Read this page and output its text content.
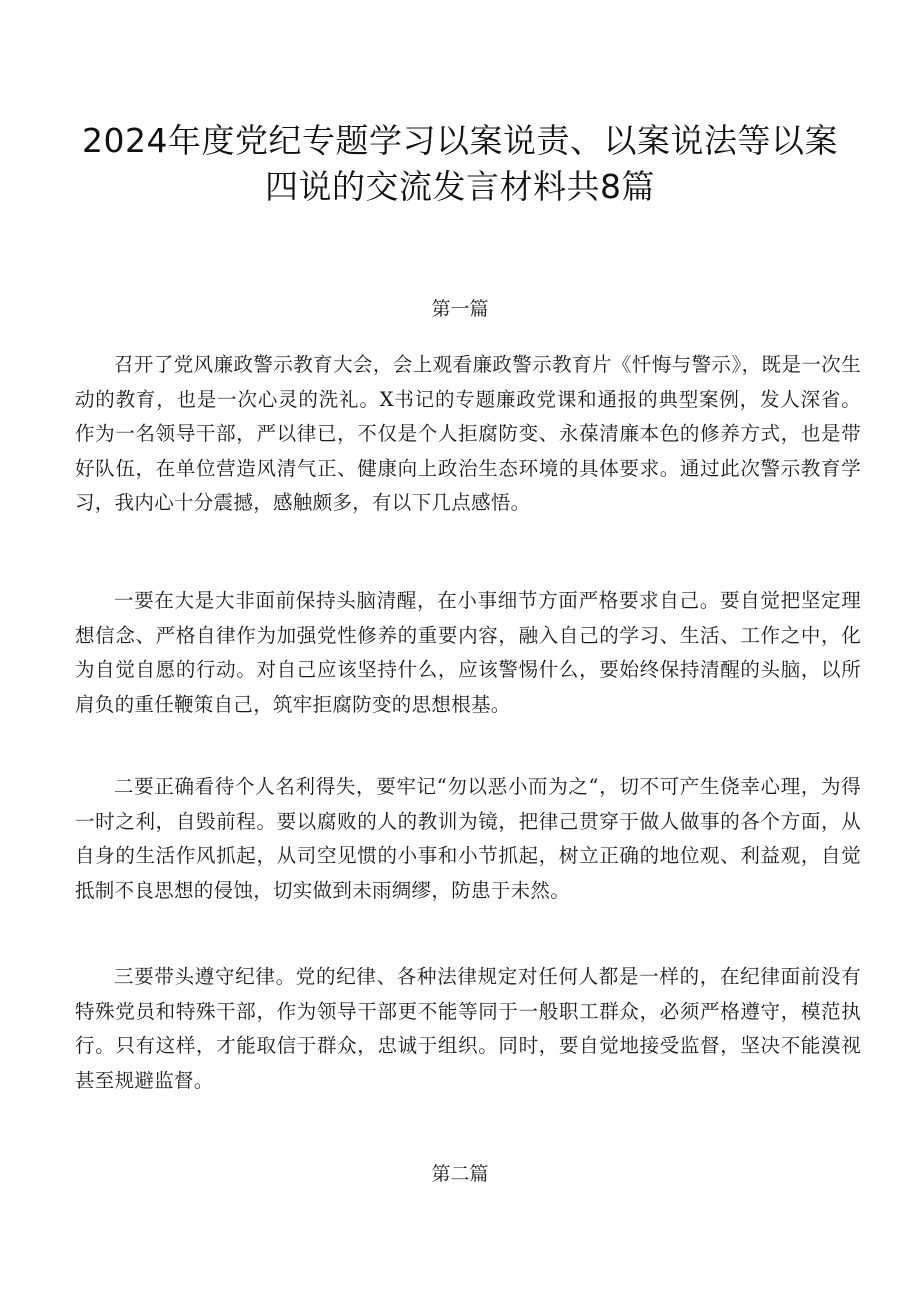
2024年度党纪专题学习以案说责、以案说法等以案四说的交流发言材料共8篇
第一篇

召开了党风廉政警示教育大会，会上观看廉政警示教育片《忏悔与警示》，既是一次生动的教育，也是一次心灵的洗礼。X书记的专题廉政党课和通报的典型案例，发人深省。作为一名领导干部，严以律已，不仅是个人拒腐防变、永葆清廉本色的修养方式，也是带好队伍，在单位营造风清气正、健康向上政治生态环境的具体要求。通过此次警示教育学习，我内心十分震撼，感触颇多，有以下几点感悟。

一要在大是大非面前保持头脑清醒，在小事细节方面严格要求自己。要自觉把坚定理想信念、严格自律作为加强党性修养的重要内容，融入自己的学习、生活、工作之中，化为自觉自愿的行动。对自己应该坚持什么，应该警惕什么，要始终保持清醒的头脑，以所肩负的重任鞭策自己，筑牢拒腐防变的思想根基。

二要正确看待个人名利得失，要牢记“勿以恶小而为之“，切不可产生侥幸心理，为得一时之利，自毁前程。要以腐败的人的教训为镜，把律己贯穿于做人做事的各个方面，从自身的生活作风抓起，从司空见惯的小事和小节抓起，树立正确的地位观、利益观，自觉抵制不良思想的侵蚀，切实做到未雨绸缪，防患于未然。

三要带头遵守纪律。党的纪律、各种法律规定对任何人都是一样的，在纪律面前没有特殊党员和特殊干部，作为领导干部更不能等同于一般职工群众，必须严格遵守，模范执行。只有这样，才能取信于群众，忠诚于组织。同时，要自觉地接受监督，坚决不能漠视甚至规避监督。

第二篇
